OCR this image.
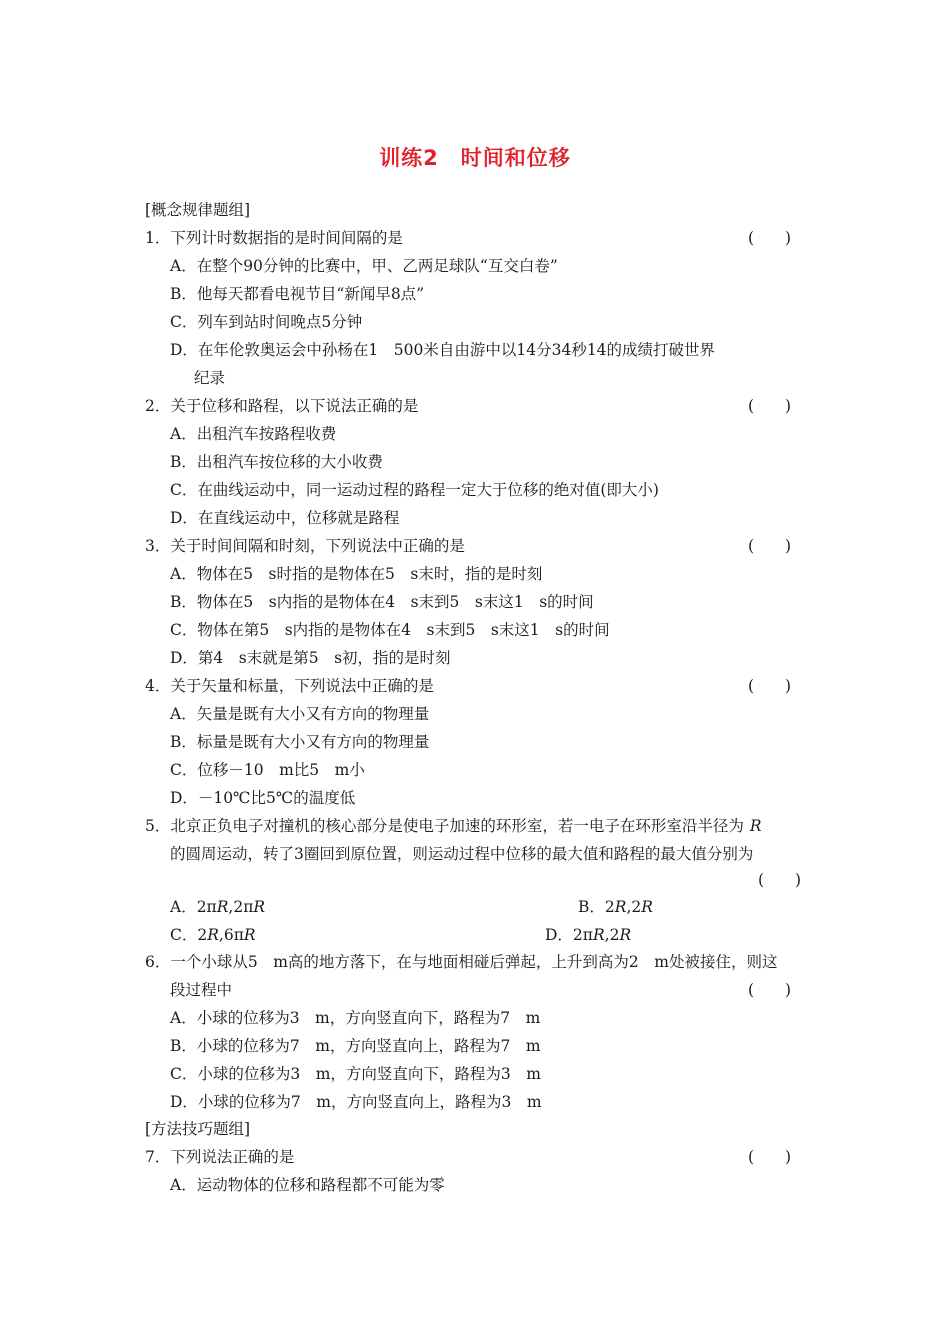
训练2　时间和位移
[概念规律题组]
1．下列计时数据指的是时间间隔的是	(　　)
A．在整个90分钟的比赛中，甲、乙两足球队“互交白卷”
B．他每天都看电视节目“新闻早8点”
C．列车到站时间晚点5分钟
D．在年伦敦奥运会中孙杨在1　500米自由游中以14分34秒14的成绩打破世界
纪录
2．关于位移和路程，以下说法正确的是	(　　)
A．出租汽车按路程收费
B．出租汽车按位移的大小收费
C．在曲线运动中，同一运动过程的路程一定大于位移的绝对值(即大小)
D．在直线运动中，位移就是路程
3．关于时间间隔和时刻，下列说法中正确的是	(　　)
A．物体在5　s时指的是物体在5　s末时，指的是时刻
B．物体在5　s内指的是物体在4　s末到5　s末这1　s的时间
C．物体在第5　s内指的是物体在4　s末到5　s末这1　s的时间
D．第4　s末就是第5　s初，指的是时刻
4．关于矢量和标量，下列说法中正确的是	(　　)
A．矢量是既有大小又有方向的物理量
B．标量是既有大小又有方向的物理量
C．位移－10　m比5　m小
D．－10℃比5℃的温度低
5．北京正负电子对撞机的核心部分是使电子加速的环形室，若一电子在环形室沿半径为 R
的圆周运动，转了3圈回到原位置，则运动过程中位移的最大值和路程的最大值分别为
(　　)
A．2πR,2πR	B．2R,2R
C．2R,6πR	D．2πR,2R
6．一个小球从5　m高的地方落下，在与地面相碰后弹起，上升到高为2　m处被接住，则这
段过程中	(　　)
A．小球的位移为3　m，方向竖直向下，路程为7　m
B．小球的位移为7　m，方向竖直向上，路程为7　m
C．小球的位移为3　m，方向竖直向下，路程为3　m
D．小球的位移为7　m，方向竖直向上，路程为3　m
[方法技巧题组]
7．下列说法正确的是	(　　)
A．运动物体的位移和路程都不可能为零
